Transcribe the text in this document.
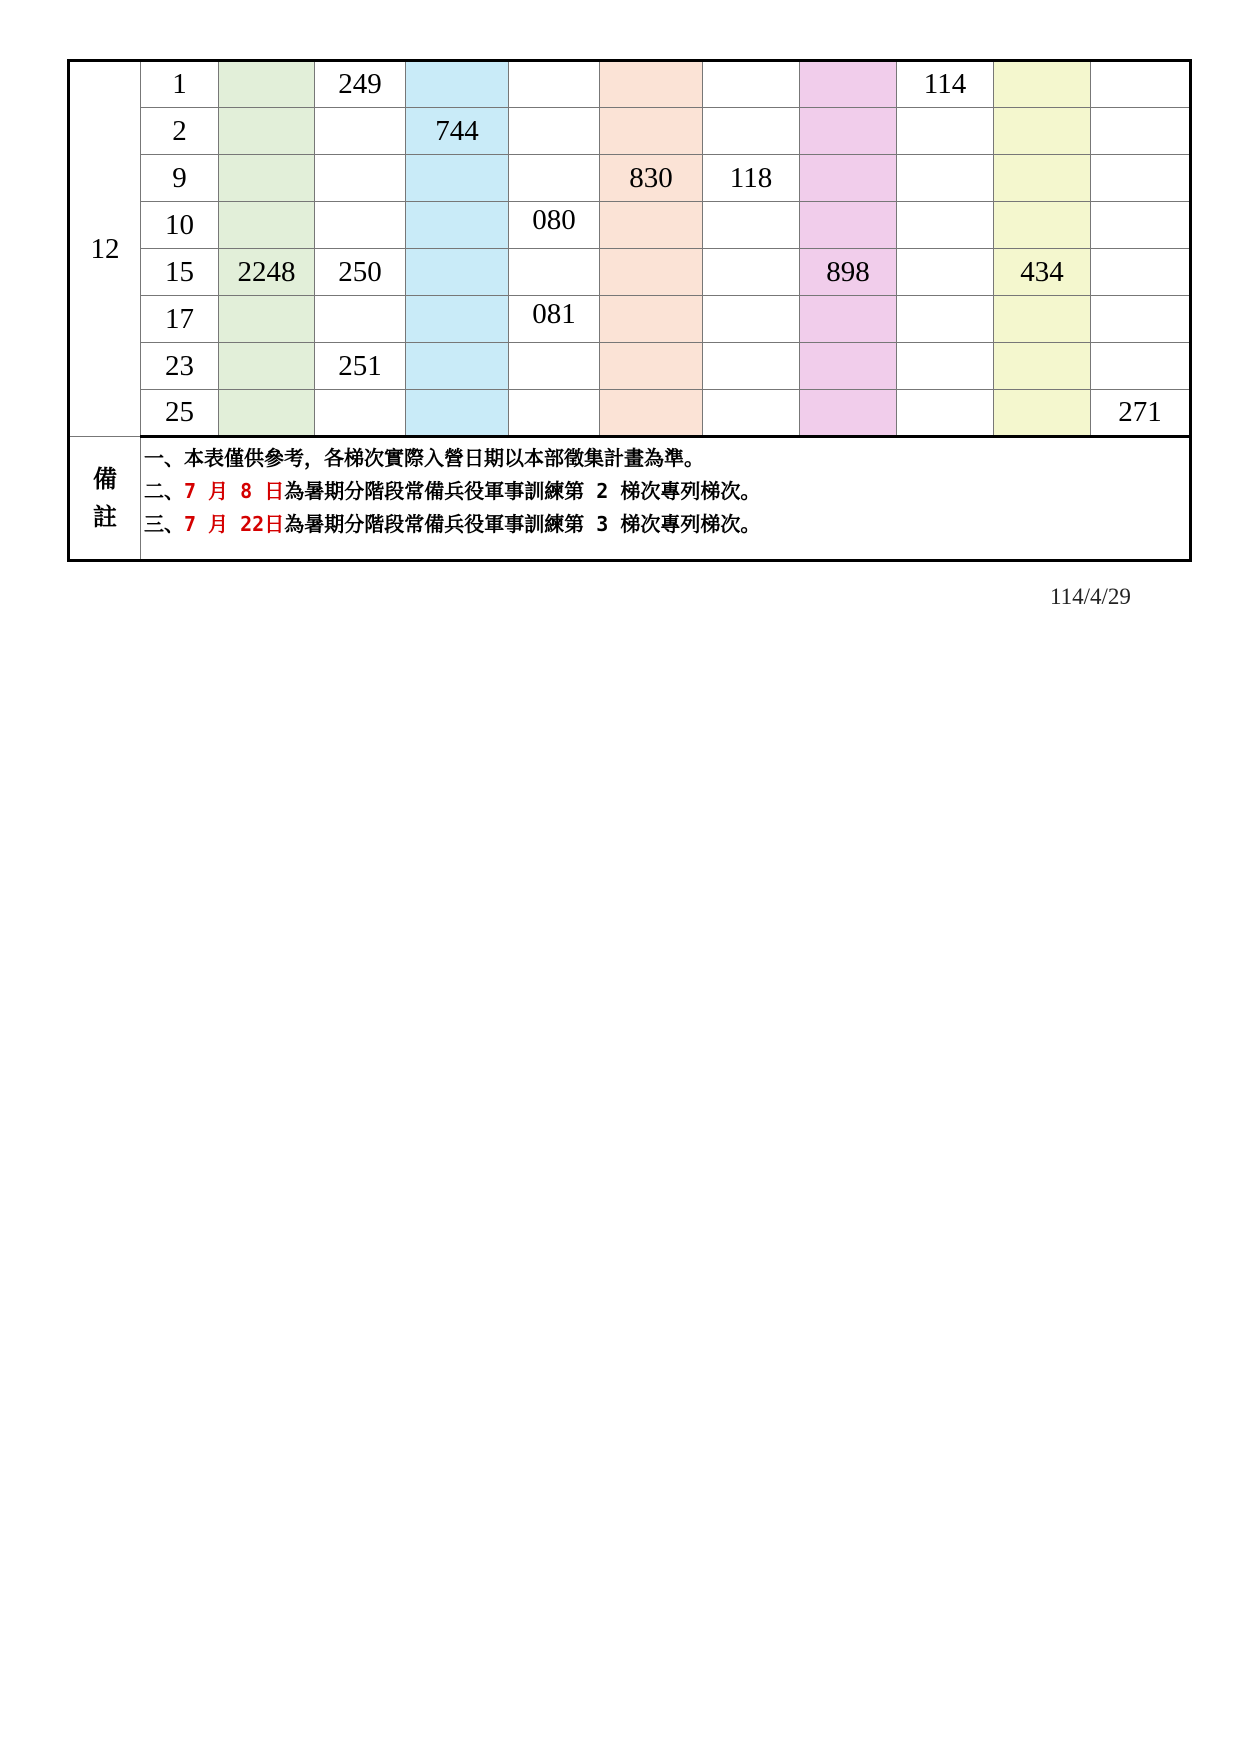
12	1		249						114		
	2			744							
	9					830	118				
	10				080						
	15	2248	250					898		434	
	17				081						
	23		251								
	25										271
備
註	一、本表僅供參考，各梯次實際入營日期以本部徵集計畫為準。
二、7 月 8 日為暑期分階段常備兵役軍事訓練第 2 梯次專列梯次。
三、7 月 22日為暑期分階段常備兵役軍事訓練第 3 梯次專列梯次。										
114/4/29
